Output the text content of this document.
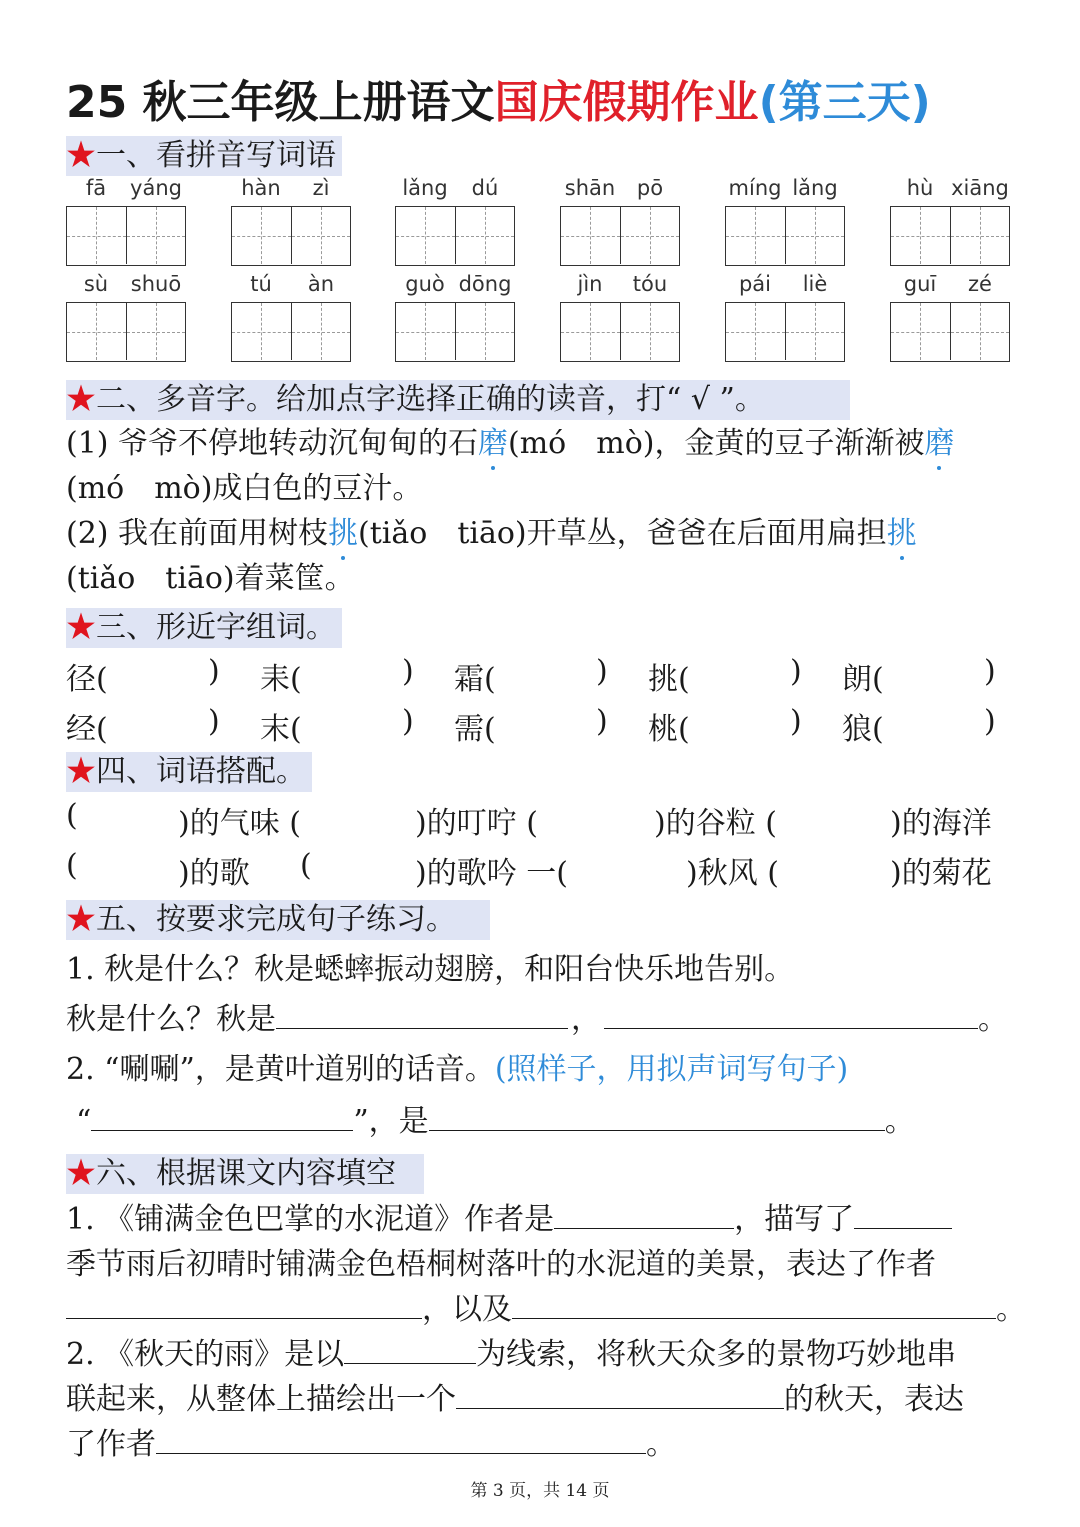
25 秋三年级上册语文国庆假期作业(第三天)
★一、看拼音写词语
fā yáng	hàn zì	lǎng dú	shān pō	míng lǎng	hù xiāng
sù shuō	tú àn	guò dōng	jìn tóu	pái liè	guī zé
★二、多音字。给加点字选择正确的读音，打“ √ ”。
(1) 爷爷不停地转动沉甸甸的石磨(mó　mò)，金黄的豆子渐渐被磨
(mó　mò)成白色的豆汁。
(2) 我在前面用树枝挑(tiǎo　tiāo)开草丛，爸爸在后面用扁担挑
(tiǎo　tiāo)着菜筐。
★三、形近字组词。
径(	) 耒(	) 霜(	) 挑(	) 朗(	)
经(	) 末(	) 需(	) 桃(	) 狼(	)
★四、词语搭配。
(	)的气味 (	)的叮咛 (	)的谷粒 (	)的海洋
(	)的歌 (	)的歌吟 一(	)秋风 (	)的菊花
★五、按要求完成句子练习。
1. 秋是什么？秋是蟋蟀振动翅膀，和阳台快乐地告别。
秋是什么？秋是	，	。
2. “唰唰”，是黄叶道别的话音。(照样子，用拟声词写句子)
“	”，是	。
★六、根据课文内容填空
1. 《铺满金色巴掌的水泥道》作者是	，描写了
季节雨后初晴时铺满金色梧桐树落叶的水泥道的美景，表达了作者
，以及	。
2. 《秋天的雨》是以	为线索，将秋天众多的景物巧妙地串
联起来，从整体上描绘出一个	的秋天，表达
了作者	。
第 3 页，共 14 页
